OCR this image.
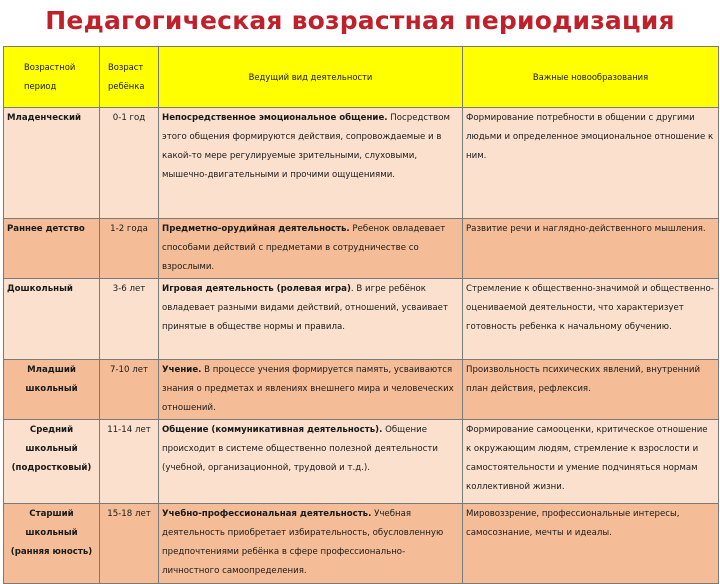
Педагогическая возрастная периодизация
Возрастной период	Возраст ребёнка	Ведущий вид деятельности	Важные новообразования
Младенческий	0-1 год	Непосредственное эмоциональное общение. Посредством этого общения формируются действия, сопровождаемые и в какой-то мере регулируемые зрительными, слуховыми, мышечно-двигательными и прочими ощущениями.	Формирование потребности в общении с другими людьми и определенное эмоциональное отношение к ним.
Раннее детство	1-2 года	Предметно-орудийная деятельность. Ребенок овладевает способами действий с предметами в сотрудничестве со взрослыми.	Развитие речи и наглядно-действенного мышления.
Дошкольный	3-6 лет	Игровая деятельность (ролевая игра). В игре ребёнок овладевает разными видами действий, отношений, усваивает принятые в обществе нормы и правила.	Стремление к общественно-значимой и общественно-оцениваемой деятельности, что характеризует готовность ребенка к начальному обучению.
Младший школьный	7-10 лет	Учение. В процессе учения формируется память, усваиваются знания о предметах и явлениях внешнего мира и человеческих отношений.	Произвольность психических явлений, внутренний план действия, рефлексия.
Средний школьный (подростковый)	11-14 лет	Общение (коммуникативная деятельность). Общение происходит в системе общественно полезной деятельности (учебной, организационной, трудовой и т.д.).	Формирование самооценки, критическое отношение к окружающим людям, стремление к взрослости и самостоятельности и умение подчиняться нормам коллективной жизни.
Старший школьный (ранняя юность)	15-18 лет	Учебно-профессиональная деятельность. Учебная деятельность приобретает избирательность, обусловленную предпочтениями ребёнка в сфере профессионально-личностного самоопределения.	Мировоззрение, профессиональные интересы, самосознание, мечты и идеалы.
